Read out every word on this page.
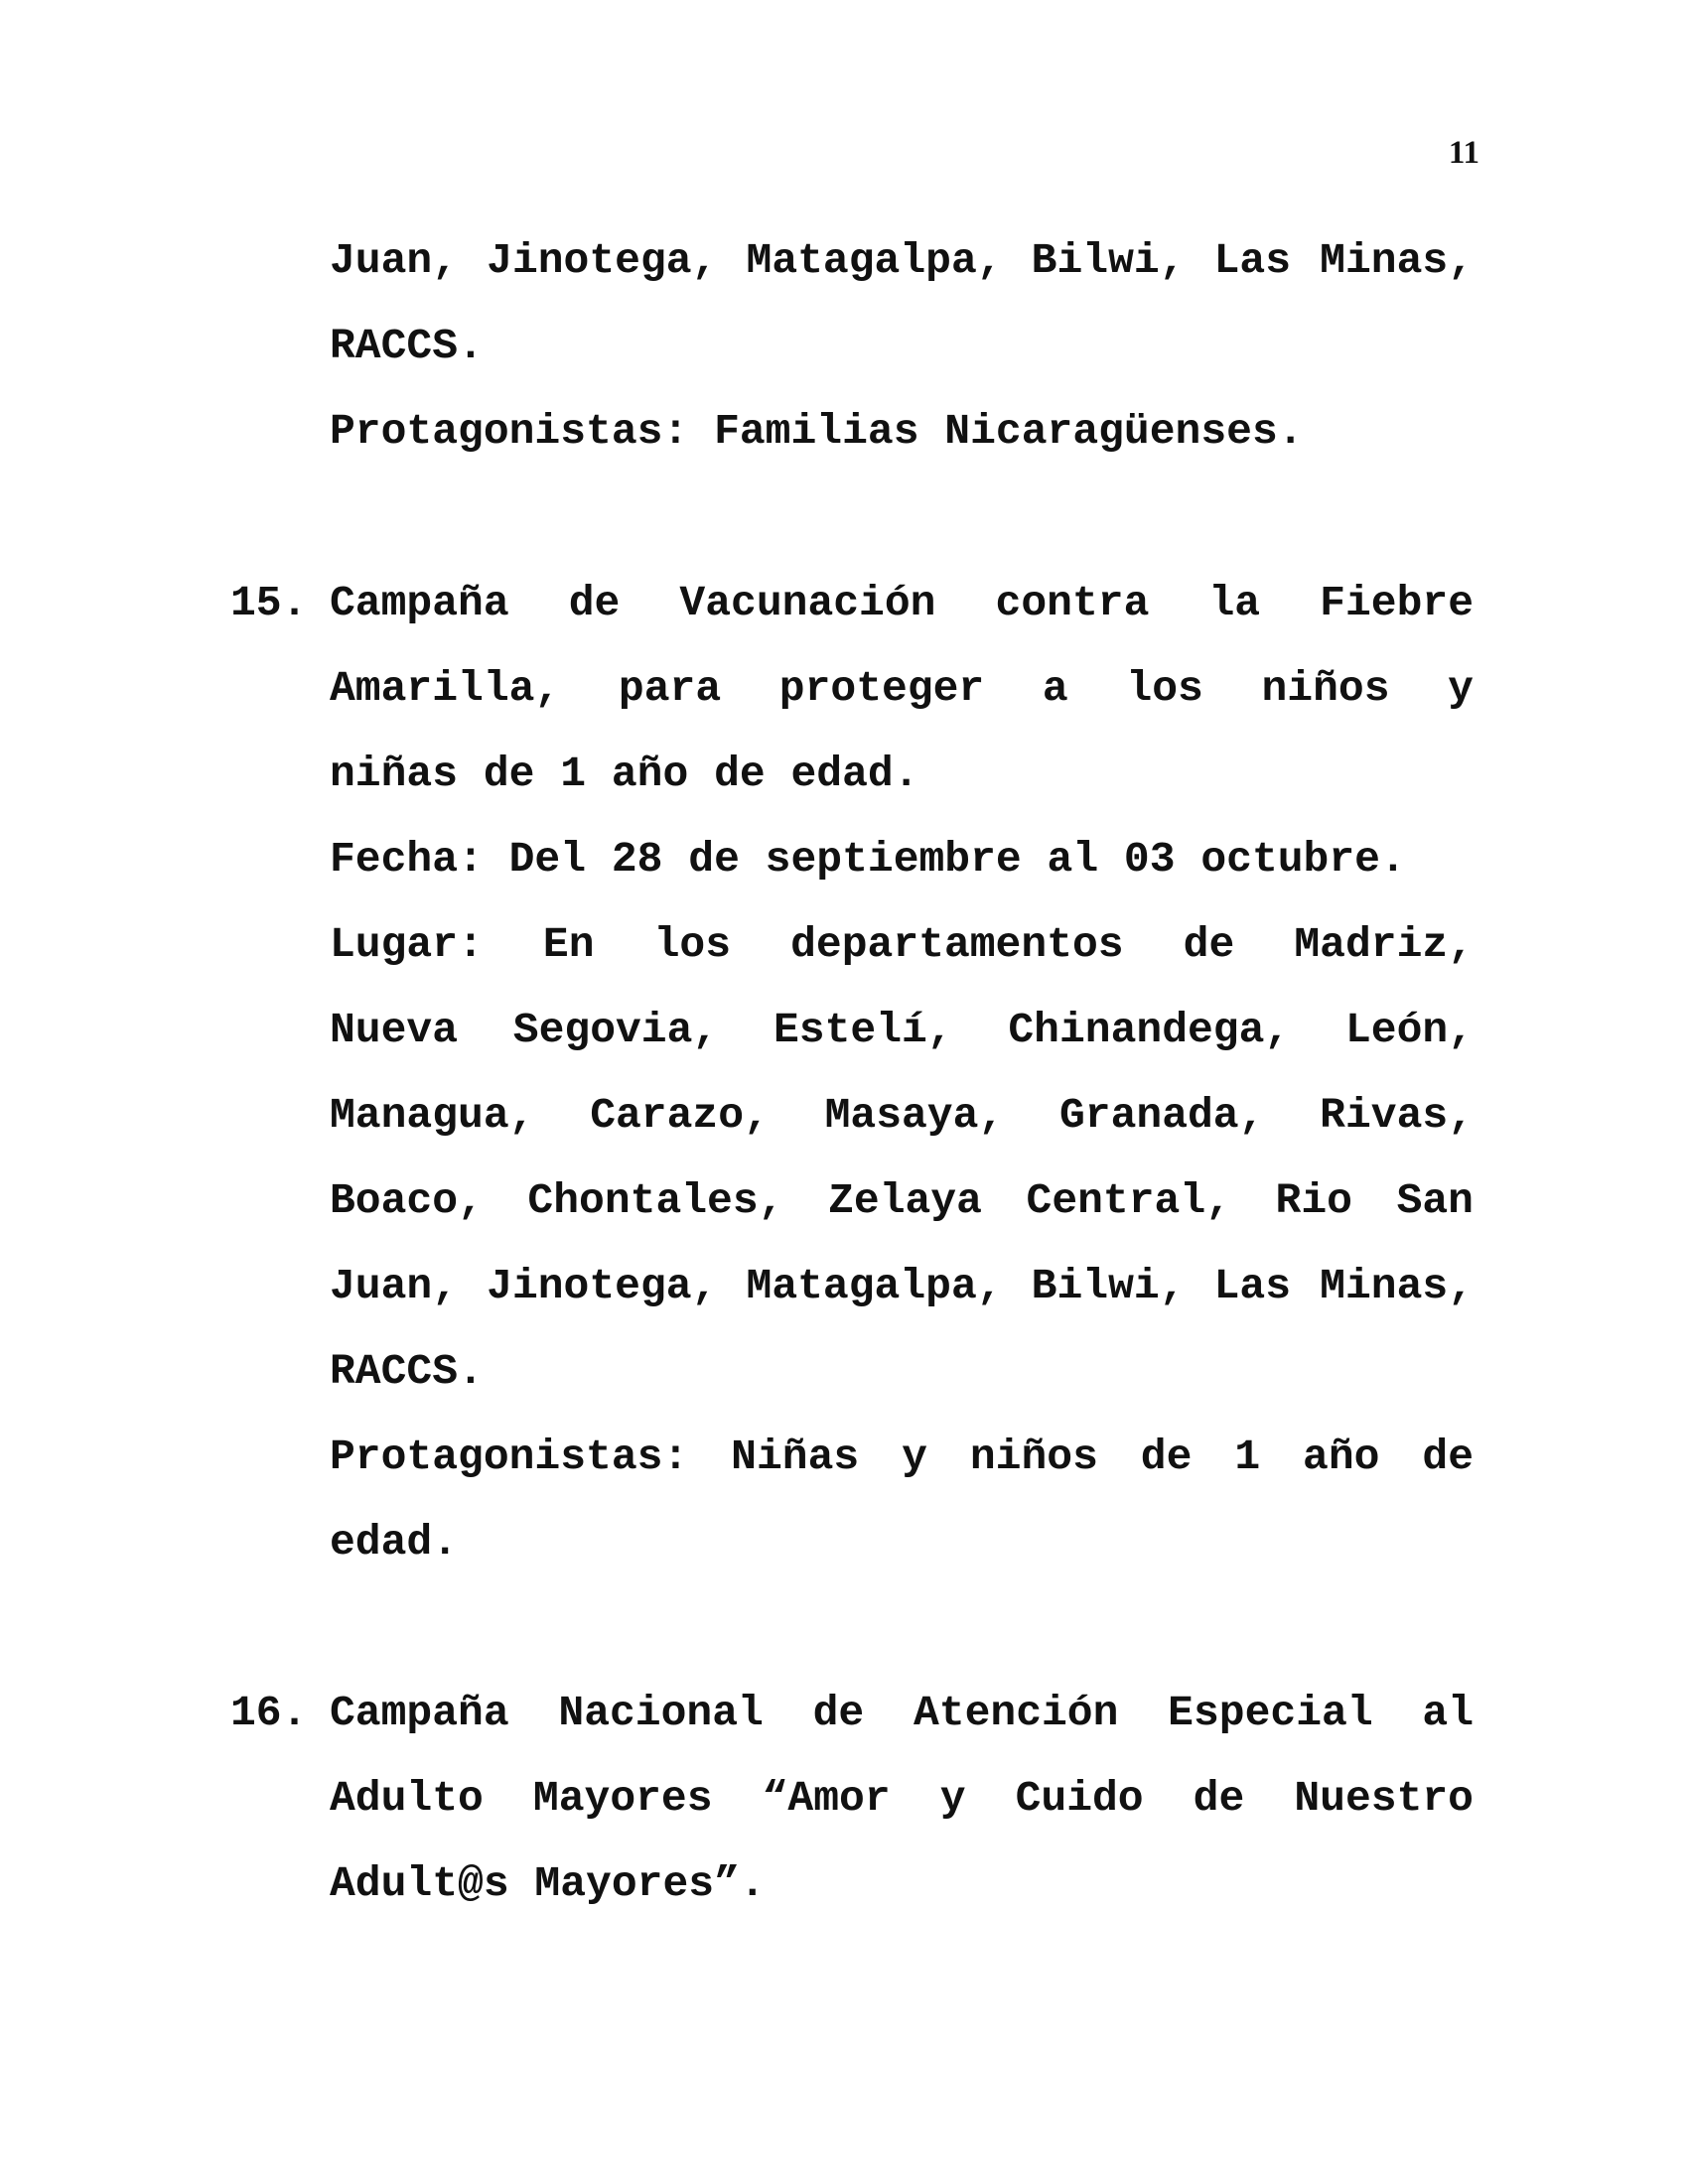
11
Juan, Jinotega, Matagalpa, Bilwi, Las Minas,
RACCS.
Protagonistas: Familias Nicaragüenses.
15. Campaña de Vacunación contra la Fiebre
Amarilla, para proteger a los niños y
niñas de 1 año de edad.
Fecha: Del 28 de septiembre al 03 octubre.
Lugar: En los departamentos de Madriz,
Nueva Segovia, Estelí, Chinandega, León,
Managua, Carazo, Masaya, Granada, Rivas,
Boaco, Chontales, Zelaya Central, Rio San
Juan, Jinotega, Matagalpa, Bilwi, Las Minas,
RACCS.
Protagonistas: Niñas y niños de 1 año de
edad.
16. Campaña Nacional de Atención Especial al
Adulto Mayores “Amor y Cuido de Nuestro
Adult@s Mayores”.
